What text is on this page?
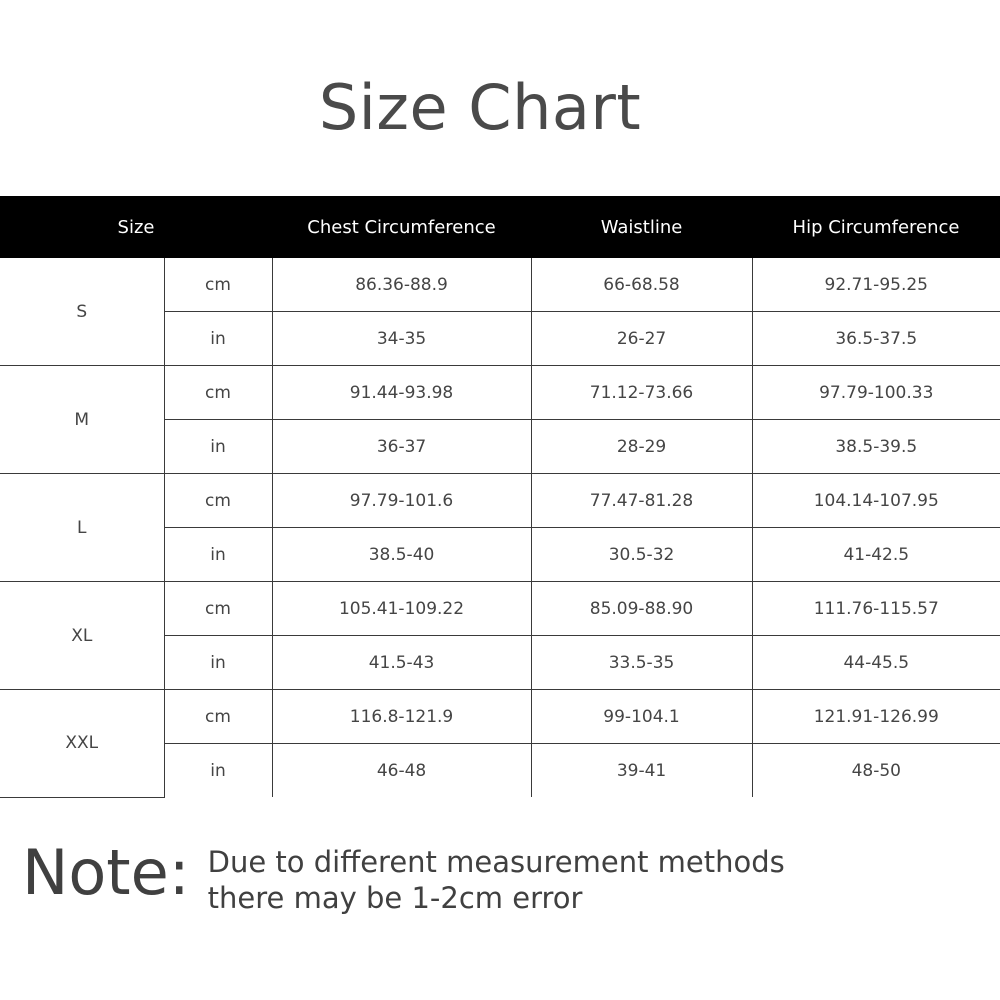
Size Chart
Size		Chest Circumference	Waistline	Hip Circumference
S	cm	86.36-88.9	66-68.58	92.71-95.25
	in	34-35	26-27	36.5-37.5
M	cm	91.44-93.98	71.12-73.66	97.79-100.33
	in	36-37	28-29	38.5-39.5
L	cm	97.79-101.6	77.47-81.28	104.14-107.95
	in	38.5-40	30.5-32	41-42.5
XL	cm	105.41-109.22	85.09-88.90	111.76-115.57
	in	41.5-43	33.5-35	44-45.5
XXL	cm	116.8-121.9	99-104.1	121.91-126.99
	in	46-48	39-41	48-50
Note: Due to different measurement methods
there may be 1-2cm error
